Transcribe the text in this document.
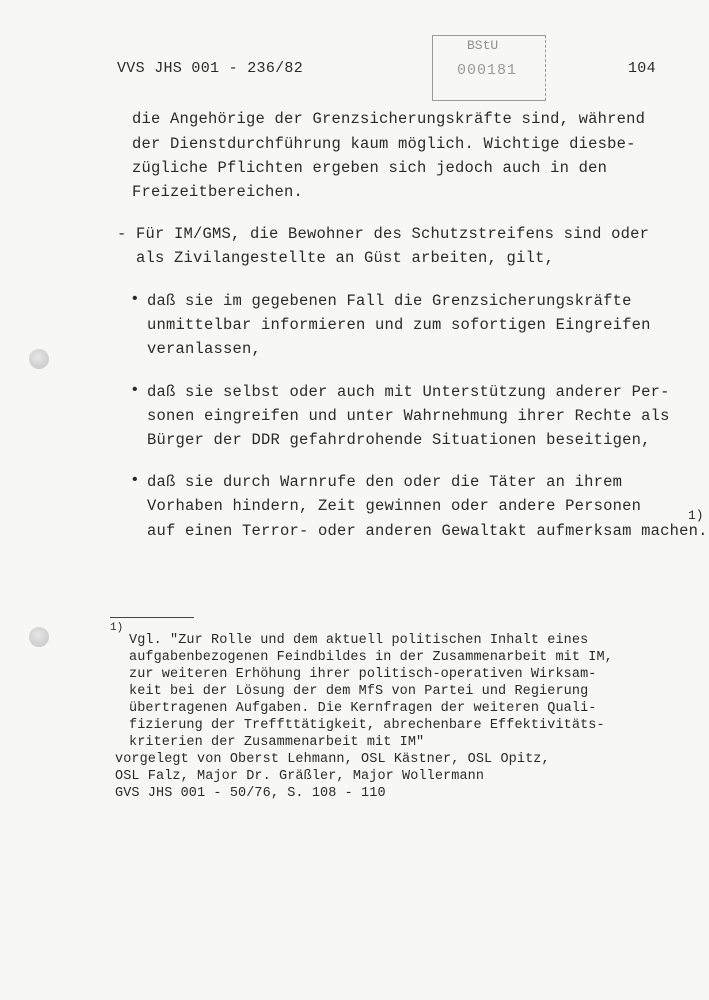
VVS JHS 001 - 236/82
BStU
000181	104
die Angehörige der Grenzsicherungskräfte sind, während
der Dienstdurchführung kaum möglich. Wichtige diesbe-
zügliche Pflichten ergeben sich jedoch auch in den
Freizeitbereichen.
- Für IM/GMS, die Bewohner des Schutzstreifens sind oder
als Zivilangestellte an Güst arbeiten, gilt,
• daß sie im gegebenen Fall die Grenzsicherungskräfte
unmittelbar informieren und zum sofortigen Eingreifen
veranlassen,
• daß sie selbst oder auch mit Unterstützung anderer Per-
sonen eingreifen und unter Wahrnehmung ihrer Rechte als
Bürger der DDR gefahrdrohende Situationen beseitigen,
• daß sie durch Warnrufe den oder die Täter an ihrem
Vorhaben hindern, Zeit gewinnen oder andere Personen
auf einen Terror- oder anderen Gewaltakt aufmerksam machen.
1)
1)
Vgl. "Zur Rolle und dem aktuell politischen Inhalt eines
aufgabenbezogenen Feindbildes in der Zusammenarbeit mit IM,
zur weiteren Erhöhung ihrer politisch-operativen Wirksam-
keit bei der Lösung der dem MfS von Partei und Regierung
übertragenen Aufgaben. Die Kernfragen der weiteren Quali-
fizierung der Treffttätigkeit, abrechenbare Effektivitäts-
kriterien der Zusammenarbeit mit IM"
vorgelegt von Oberst Lehmann, OSL Kästner, OSL Opitz,
OSL Falz, Major Dr. Gräßler, Major Wollermann
GVS JHS 001 - 50/76, S. 108 - 110
